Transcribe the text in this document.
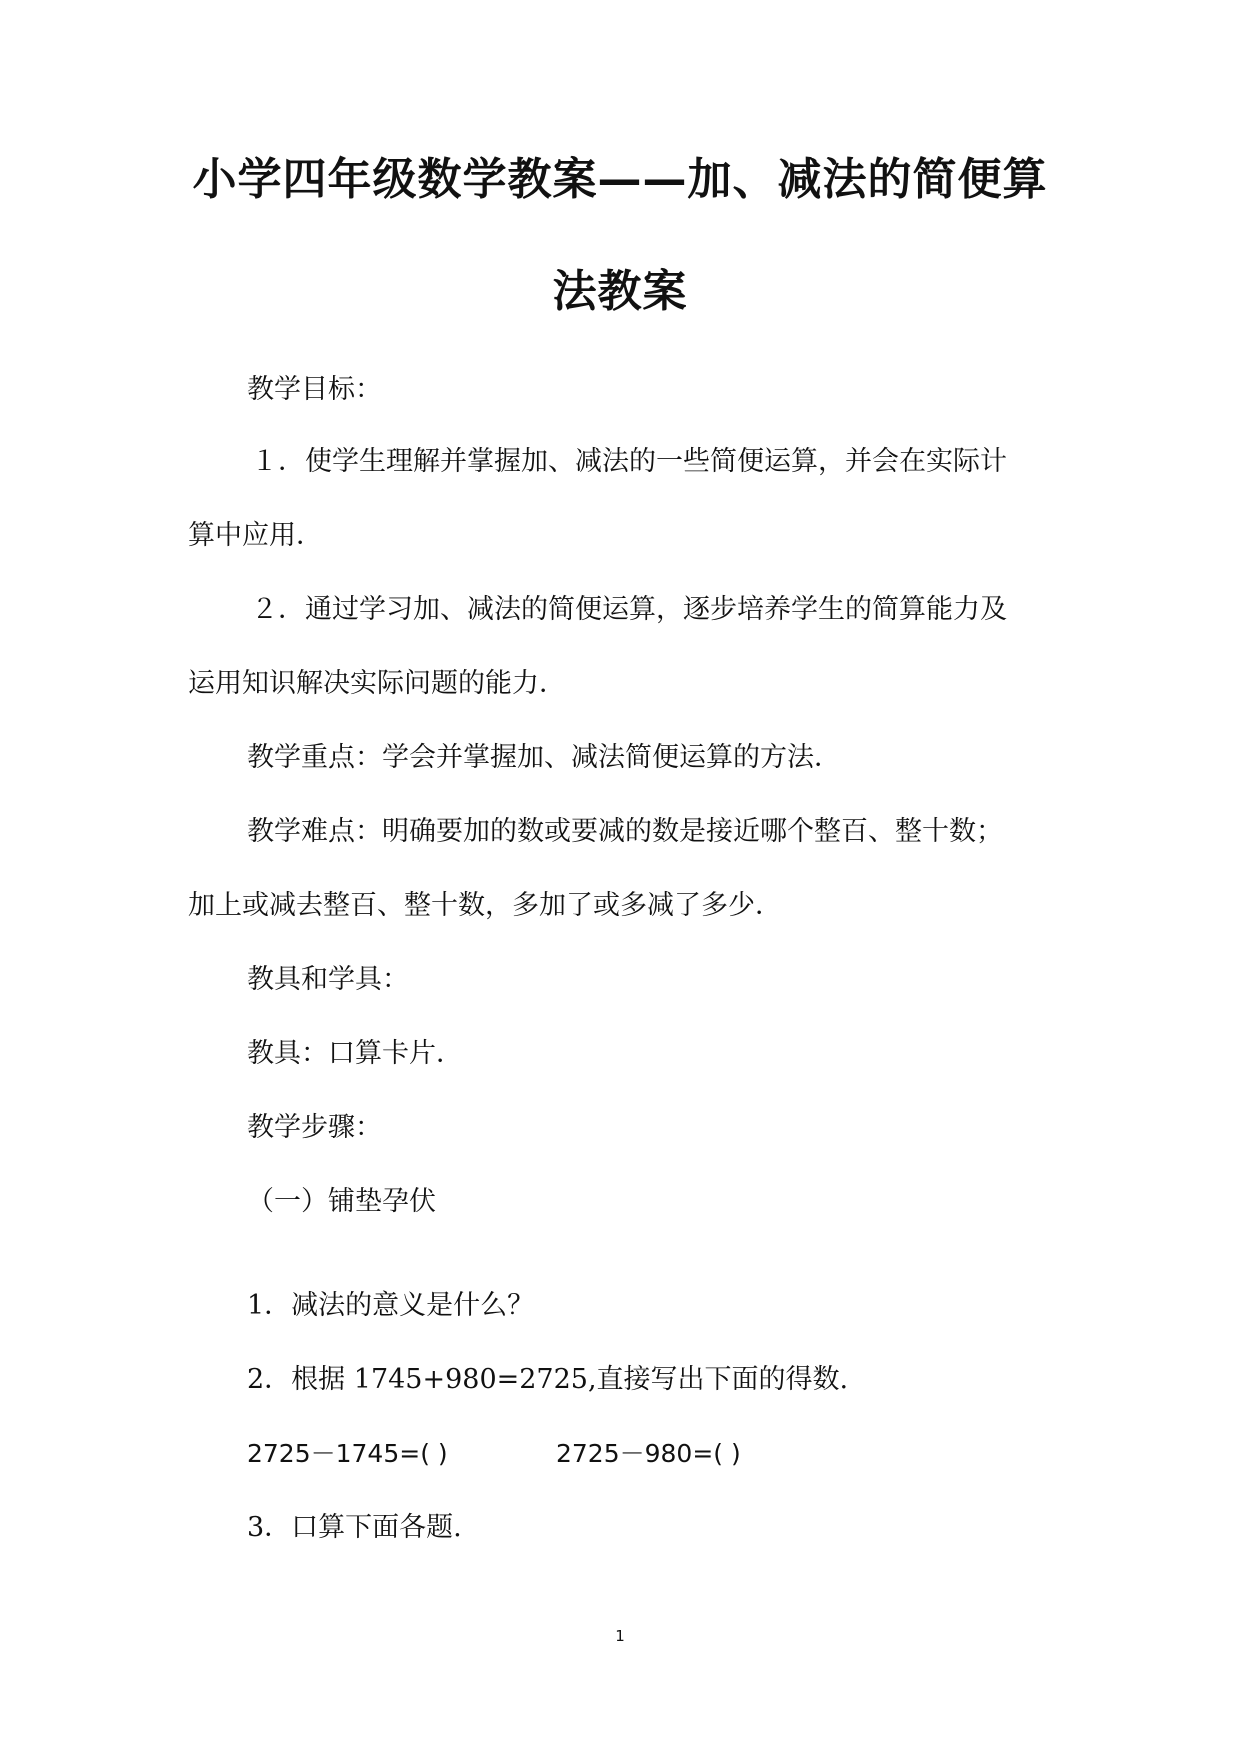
小学四年级数学教案——加、减法的简便算
法教案
教学目标：
１．使学生理解并掌握加、减法的一些简便运算，并会在实际计
算中应用．
２．通过学习加、减法的简便运算，逐步培养学生的简算能力及
运用知识解决实际问题的能力．
教学重点：学会并掌握加、减法简便运算的方法．
教学难点：明确要加的数或要减的数是接近哪个整百、整十数；
加上或减去整百、整十数，多加了或多减了多少．
教具和学具：
教具：口算卡片．
教学步骤：
（一）铺垫孕伏
1．减法的意义是什么？
2．根据 1745+980=2725,直接写出下面的得数.
2725－1745=( )	2725－980=( )
3．口算下面各题.
1
